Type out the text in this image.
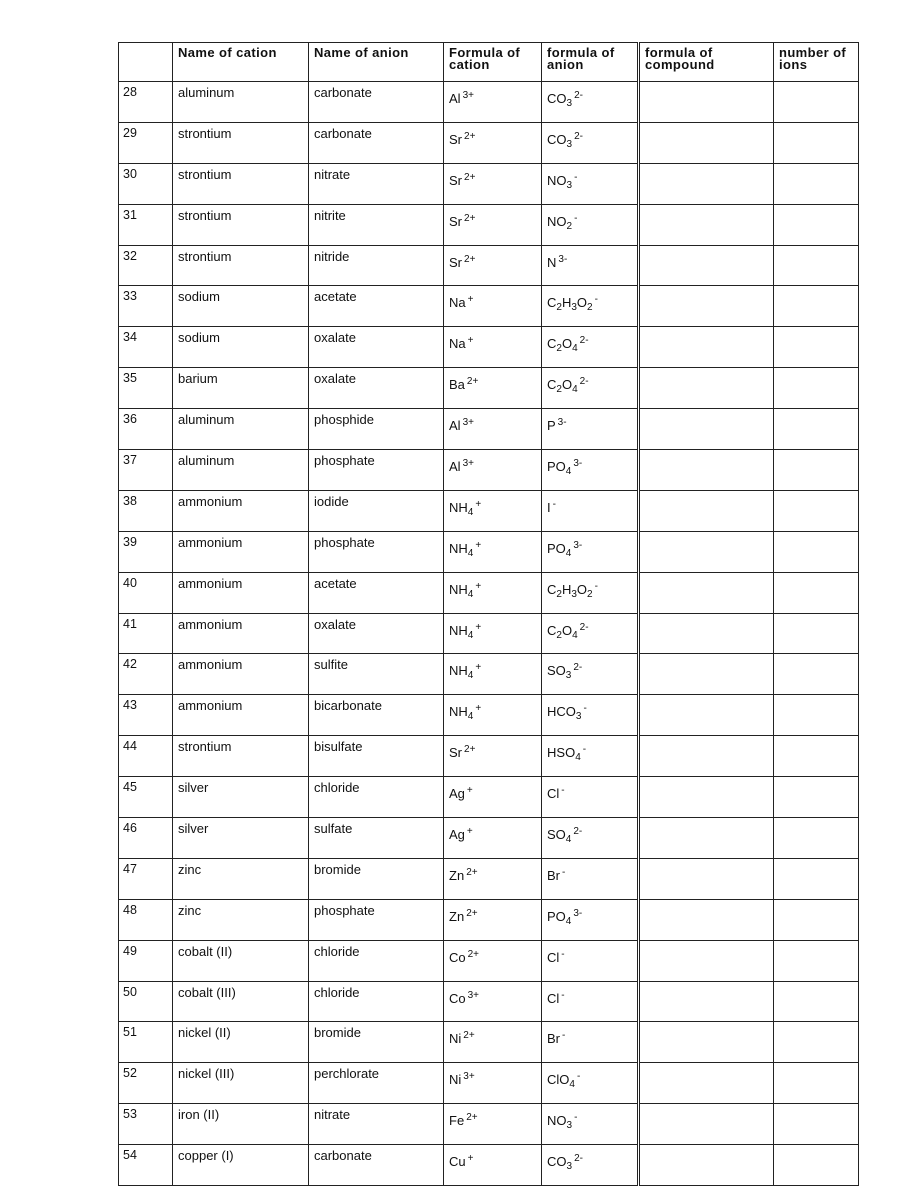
	Name of cation	Name of anion	Formula of cation	formula of anion	formula of compound	number of ions
28	aluminum	carbonate	Al $^{3+}$	$CO_3^{2-}$		
29	strontium	carbonate	Sr $^{2+}$	$CO_3^{2-}$		
30	strontium	nitrate	Sr $^{2+}$	$NO_3^-$		
31	strontium	nitrite	Sr $^{2+}$	$NO_2^-$		
32	strontium	nitride	Sr $^{2+}$	N $^{3-}$		
33	sodium	acetate	Na +	$C_2H_3O_2^-$		
34	sodium	oxalate	Na +	$C_2O_4^{2-}$		
35	barium	oxalate	Ba $^{2+}$	$C_2O_4^{2-}$		
36	aluminum	phosphide	Al $^{3+}$	P $^{3-}$		
37	aluminum	phosphate	Al $^{3+}$	$PO_4^{3-}$		
38	ammonium	iodide	$NH_4^+$	I -		
39	ammonium	phosphate	$NH_4^+$	$PO_4^{3-}$		
40	ammonium	acetate	$NH_4^+$	$C_2H_3O_2^-$		
41	ammonium	oxalate	$NH_4^+$	$C_2O_4^{2-}$		
42	ammonium	sulfite	$NH_4^+$	$SO_3^{2-}$		
43	ammonium	bicarbonate	$NH_4^+$	$HCO_3^-$		
44	strontium	bisulfate	Sr $^{2+}$	$HSO_4^-$		
45	silver	chloride	Ag +	Cl -		
46	silver	sulfate	Ag +	$SO_4^{2-}$		
47	zinc	bromide	Zn $^{2+}$	Br -		
48	zinc	phosphate	Zn $^{2+}$	$PO_4^{3-}$		
49	cobalt (II)	chloride	Co $^{2+}$	Cl -		
50	cobalt (III)	chloride	Co $^{3+}$	Cl -		
51	nickel (II)	bromide	Ni $^{2+}$	Br -		
52	nickel (III)	perchlorate	Ni $^{3+}$	ClO$_4$-		
53	iron (II)	nitrate	Fe $^{2+}$	$NO_3^-$		
54	copper (I)	carbonate	Cu +	$CO_3^{2-}$		
